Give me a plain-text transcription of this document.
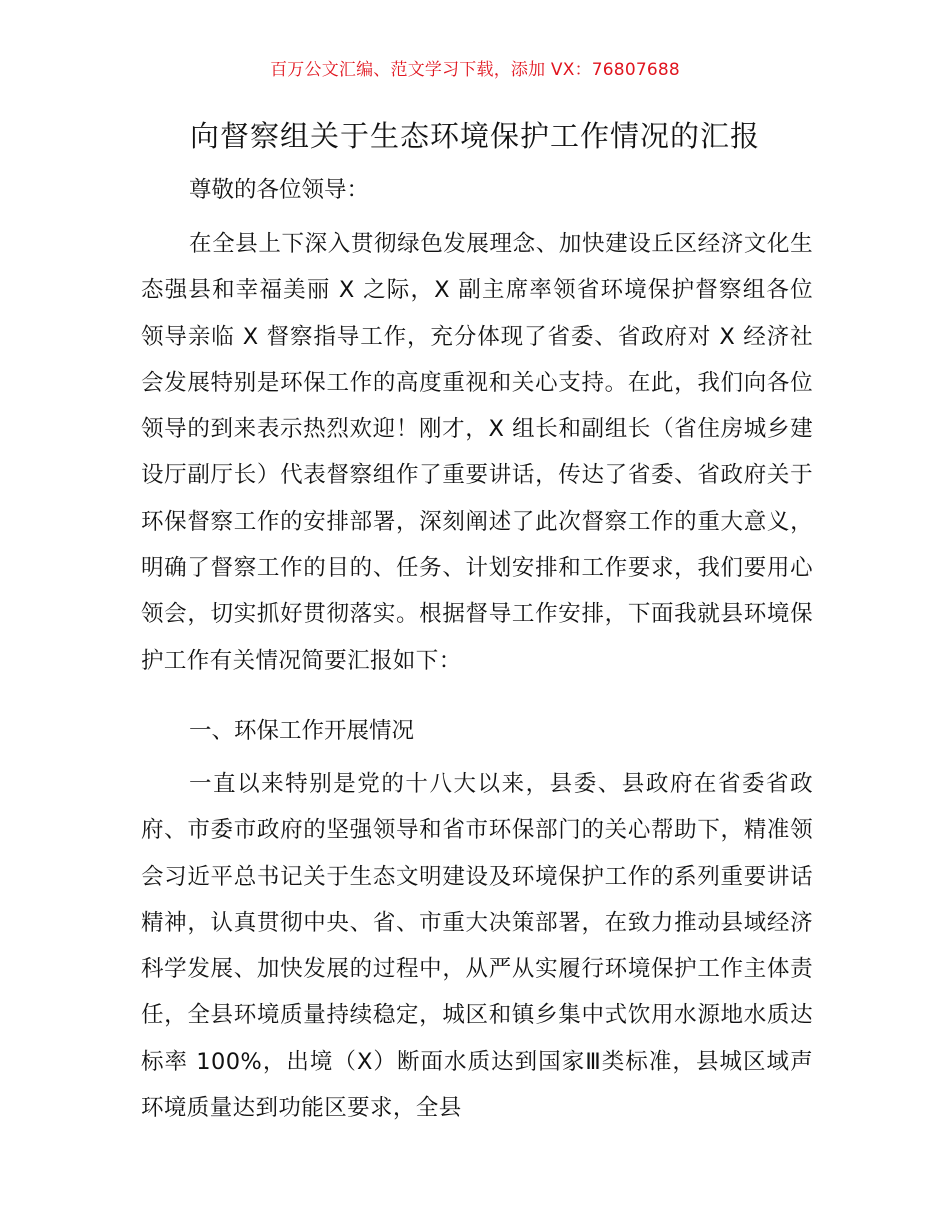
百万公文汇编、范文学习下载，添加 VX：76807688
向督察组关于生态环境保护工作情况的汇报
尊敬的各位领导：

在全县上下深入贯彻绿色发展理念、加快建设丘区经济文化生态强县和幸福美丽 X 之际，X 副主席率领省环境保护督察组各位领导亲临 X 督察指导工作，充分体现了省委、省政府对 X 经济社会发展特别是环保工作的高度重视和关心支持。在此，我们向各位领导的到来表示热烈欢迎！刚才，X 组长和副组长（省住房城乡建设厅副厅长）代表督察组作了重要讲话，传达了省委、省政府关于环保督察工作的安排部署，深刻阐述了此次督察工作的重大意义，明确了督察工作的目的、任务、计划安排和工作要求，我们要用心领会，切实抓好贯彻落实。根据督导工作安排，下面我就县环境保护工作有关情况简要汇报如下：

一、环保工作开展情况

一直以来特别是党的十八大以来，县委、县政府在省委省政府、市委市政府的坚强领导和省市环保部门的关心帮助下，精准领会习近平总书记关于生态文明建设及环境保护工作的系列重要讲话精神，认真贯彻中央、省、市重大决策部署，在致力推动县域经济科学发展、加快发展的过程中，从严从实履行环境保护工作主体责任，全县环境质量持续稳定，城区和镇乡集中式饮用水源地水质达标率 100%，出境（X）断面水质达到国家Ⅲ类标准，县城区域声环境质量达到功能区要求，全县
